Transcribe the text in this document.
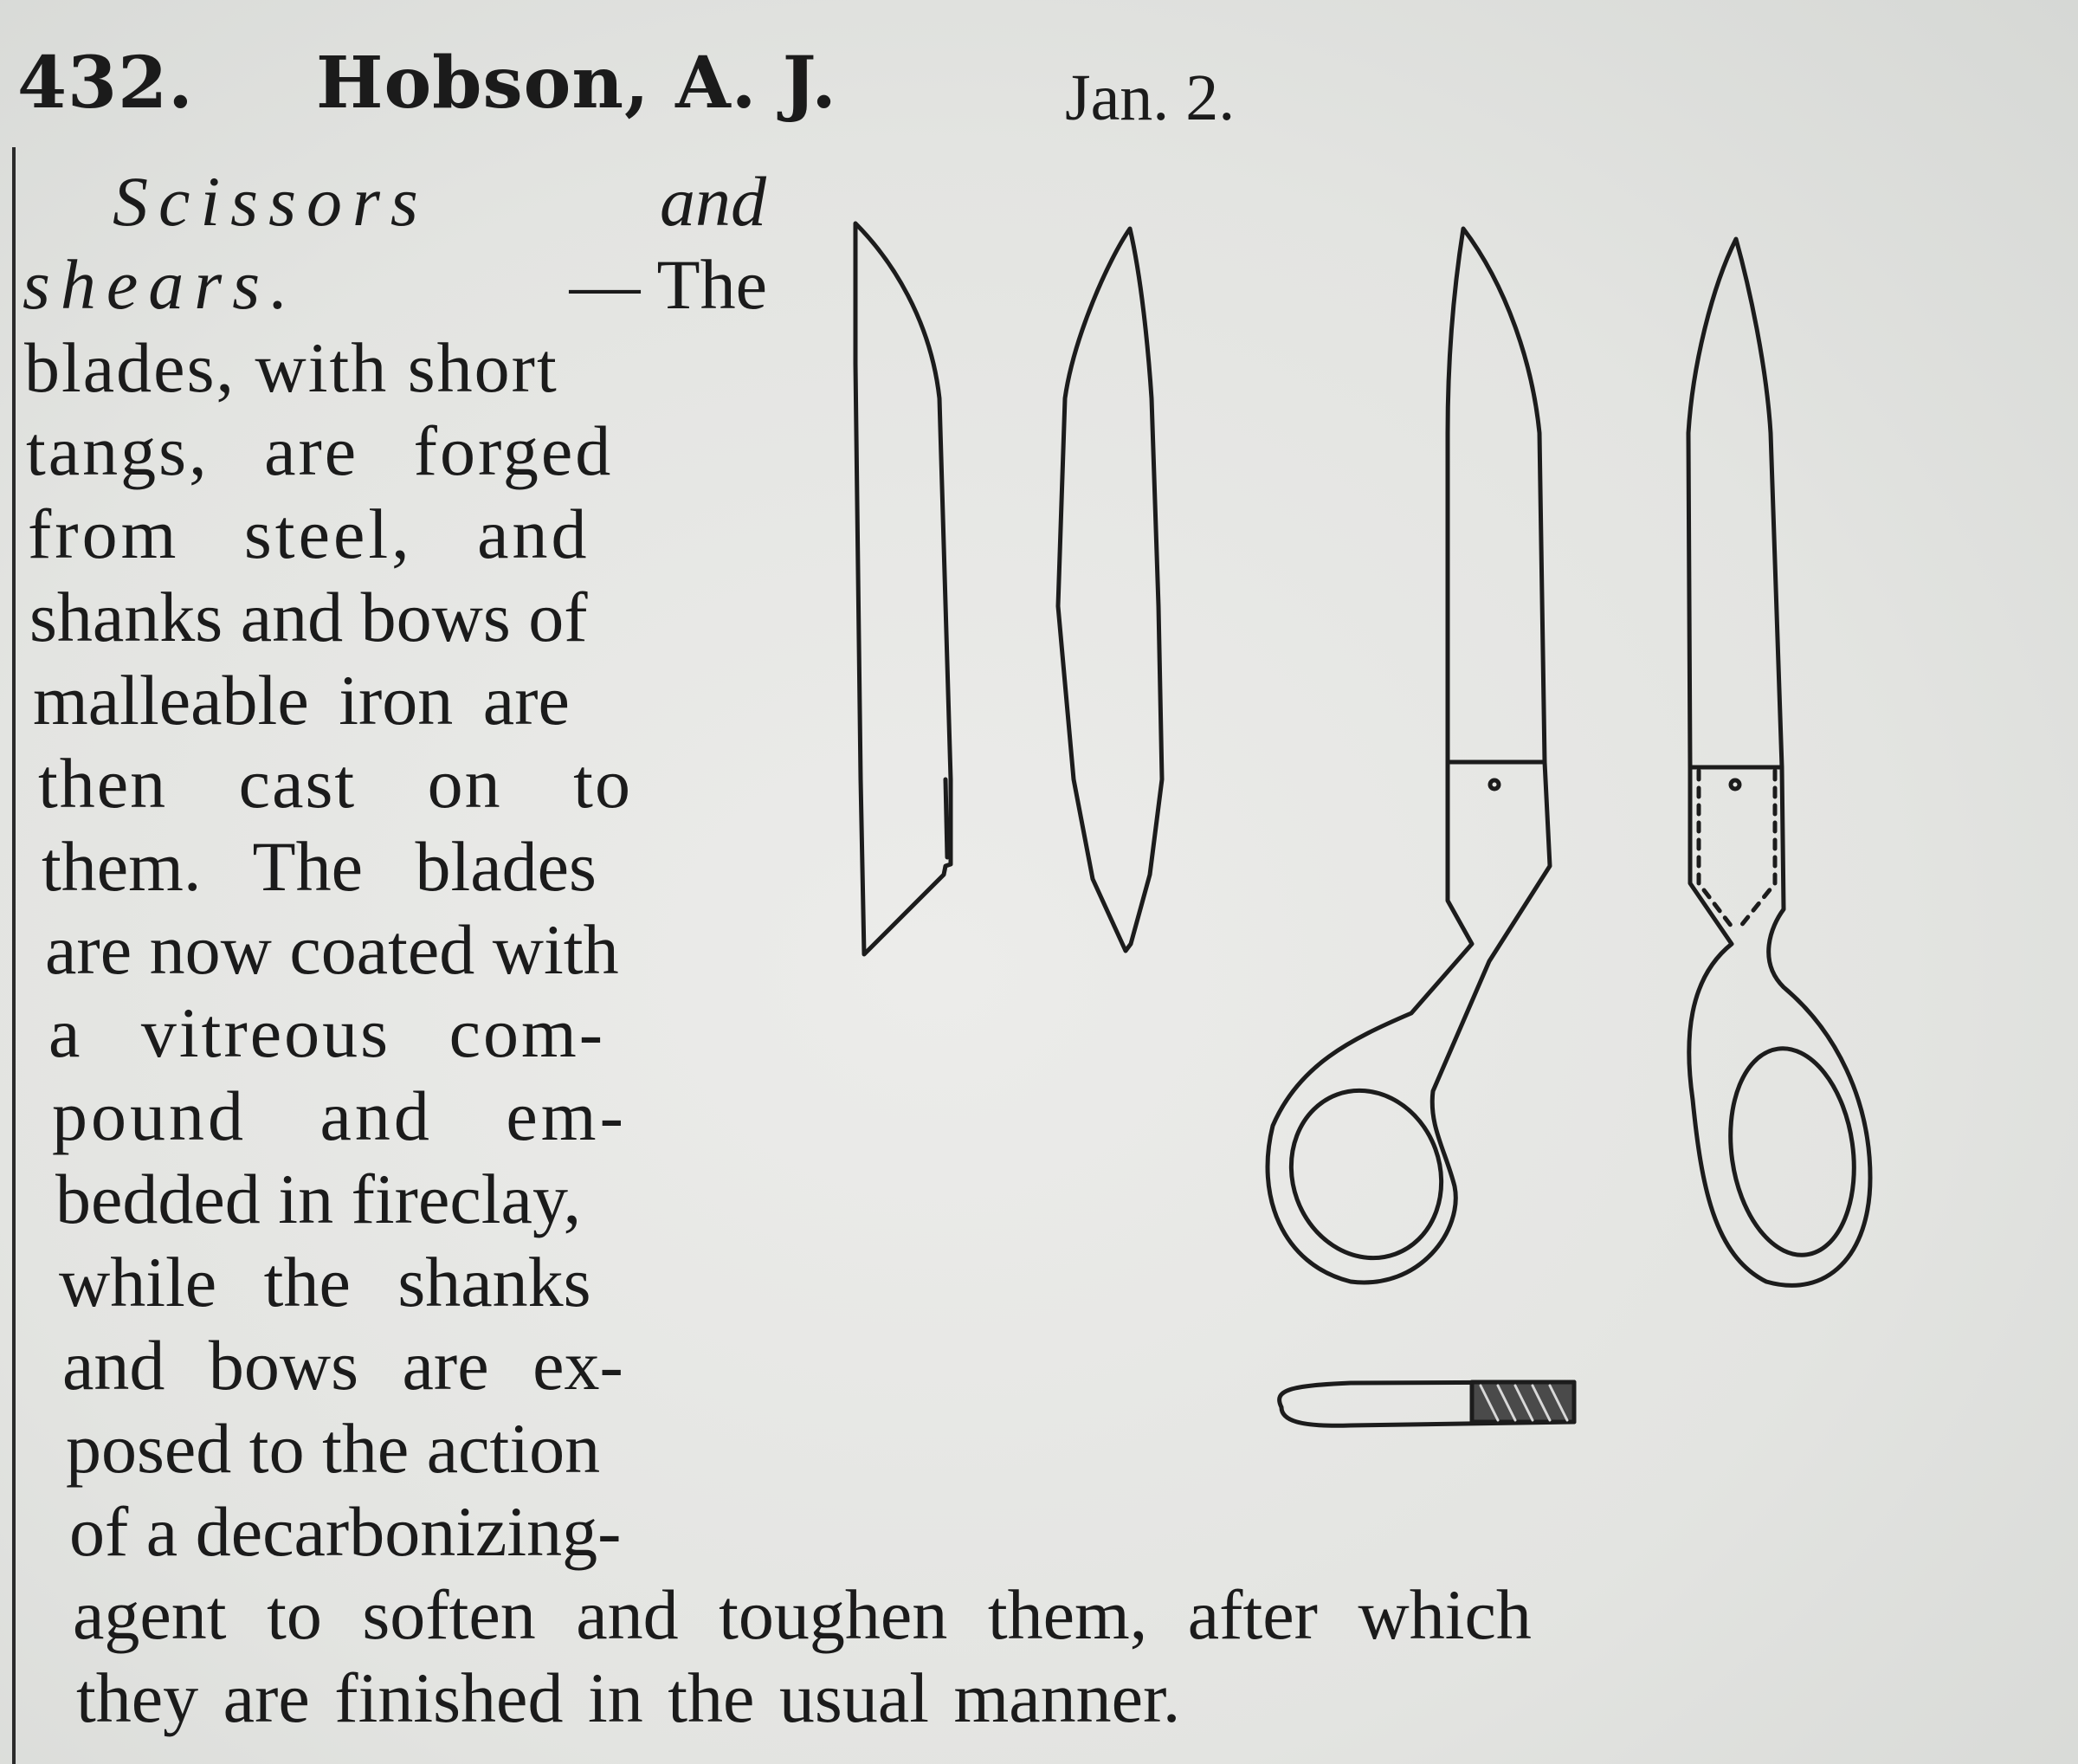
432. Hobson, A. J.	Jan. 2.
Scissors	and
shears.	— The
blades, with short
tangs, are forged
from steel, and
shanks and bows of
malleable iron are
then cast on to
them. The blades
are now coated with
a vitreous com-
pound and em-
bedded in fireclay,
while the shanks
and bows are ex-
posed to the action
of a decarbonizing-
agent to soften and toughen them, after which
they are finished in the usual manner.
